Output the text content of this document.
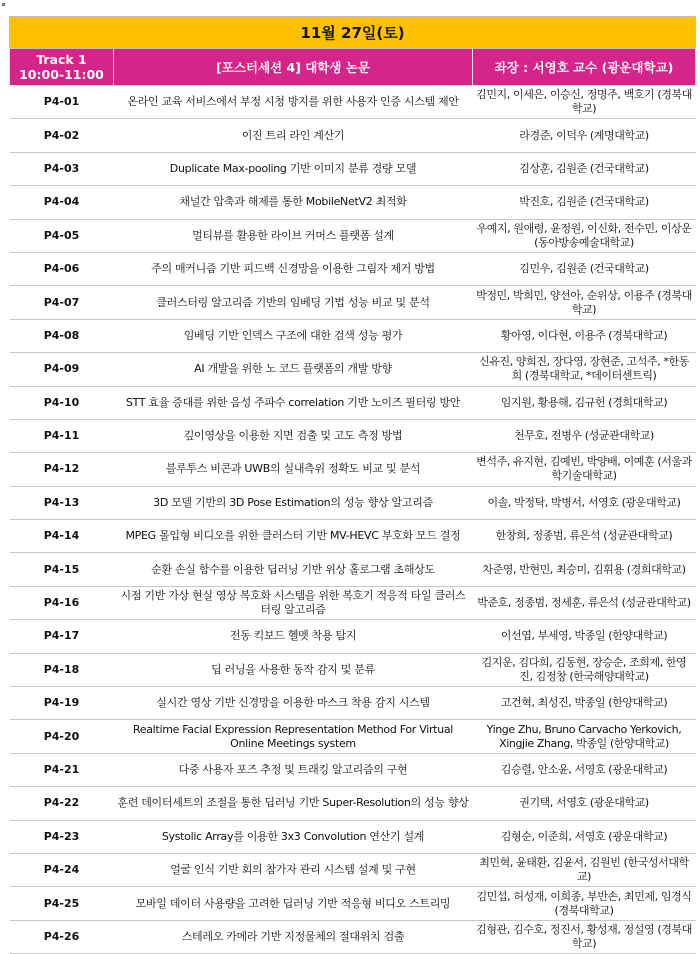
11월 27일(토)		

Track 1
10:00-11:00	[포스터세션 4] 대학생 논문	좌장 : 서영호 교수 (광운대학교)
P4-01	온라인 교육 서비스에서 부정 시청 방지를 위한 사용자 인증 시스템 제안	김민지, 이세은, 이승신, 정명주, 백호기 (경북대학교)
P4-02	이진 트리 라인 계산기	라경준, 이덕우 (계명대학교)
P4-03	Duplicate Max-pooling 기반 이미지 분류 경량 모델	김상훈, 김원준 (건국대학교)
P4-04	채널간 압축과 해제를 통한 MobileNetV2 최적화	박진호, 김원준 (건국대학교)
P4-05	멀티뷰를 활용한 라이브 커머스 플랫폼 설계	우예지, 원애령, 윤정원, 이신화, 전수민, 이상운 (동아방송예술대학교)
P4-06	주의 매커니즘 기반 피드백 신경망을 이용한 그림자 제거 방법	김민우, 김원준 (건국대학교)
P4-07	클러스터링 알고리즘 기반의 임베딩 기법 성능 비교 및 분석	박정민, 박희민, 양선아, 순위상, 이용주 (경북대학교)
P4-08	임베딩 기반 인덱스 구조에 대한 검색 성능 평가	황아영, 이다현, 이용주 (경북대학교)
P4-09	AI 개발을 위한 노 코드 플랫폼의 개발 방향	신유진, 양희진, 장다영, 장현준, 고석주, *한동희 (경북대학교, *데이터센트릭)
P4-10	STT 효율 증대를 위한 음성 주파수 correlation 기반 노이즈 필터링 방안	임지원, 황용해, 김규헌 (경희대학교)
P4-11	깊이영상을 이용한 지면 검출 및 고도 측정 방법	천무호, 전병우 (성균관대학교)
P4-12	블루투스 비콘과 UWB의 실내측위 정확도 비교 및 분석	변석주, 유지현, 김예빈, 박양배, 이예훈 (서울과학기술대학교)
P4-13	3D 모델 기반의 3D Pose Estimation의 성능 향상 알고리즘	이솔, 박정탁, 박병서, 서영호 (광운대학교)
P4-14	MPEG 몰입형 비디오를 위한 클러스터 기반 MV-HEVC 부호화 모드 결정	한창희, 정종범, 류은석 (성균관대학교)
P4-15	순환 손실 함수를 이용한 딥러닝 기반 위상 홀로그램 초해상도	차준영, 반현민, 최승미, 김휘용 (경희대학교)
P4-16	시점 기반 가상 현실 영상 복호화 시스템을 위한 복호기 적응적 타일 클러스터링 알고리즘	박준호, 정종범, 정세훈, 류은석 (성균관대학교)
P4-17	전동 킥보드 헬멧 착용 탐지	이선엽, 부세영, 박종일 (한양대학교)
P4-18	딥 러닝을 사용한 동작 감지 및 분류	김지운, 김다희, 김동현, 장승순, 조희제, 한영진, 김정창 (한국해양대학교)
P4-19	실시간 영상 기반 신경망을 이용한 마스크 착용 감지 시스템	고건혁, 최성진, 박종일 (한양대학교)
P4-20	Realtime Facial Expression Representation Method For Virtual Online Meetings system	Yinge Zhu, Bruno Carvacho Yerkovich, Xingjie Zhang, 박종일 (한양대학교)
P4-21	다중 사용자 포즈 추정 및 트래킹 알고리즘의 구현	김승렬, 안소윤, 서영호 (광운대학교)
P4-22	훈련 데이터세트의 조절을 통한 딥러닝 기반 Super-Resolution의 성능 향상	권기택, 서영호 (광운대학교)
P4-23	Systolic Array를 이용한 3x3 Convolution 연산기 설계	김형순, 이준희, 서영호 (광운대학교)
P4-24	얼굴 인식 기반 회의 참가자 관리 시스템 설계 및 구현	최민혁, 윤태환, 김윤서, 김원빈 (한국성서대학교)
P4-25	모바일 데이터 사용량을 고려한 딥러닝 기반 적응형 비디오 스트리밍	김민섭, 허성재, 이희종, 부반손, 최민제, 임경식 (경북대학교)
P4-26	스테레오 카메라 기반 지정물체의 절대위치 검출	김형관, 김수호, 정진서, 황성재, 정설영 (경북대학교)
